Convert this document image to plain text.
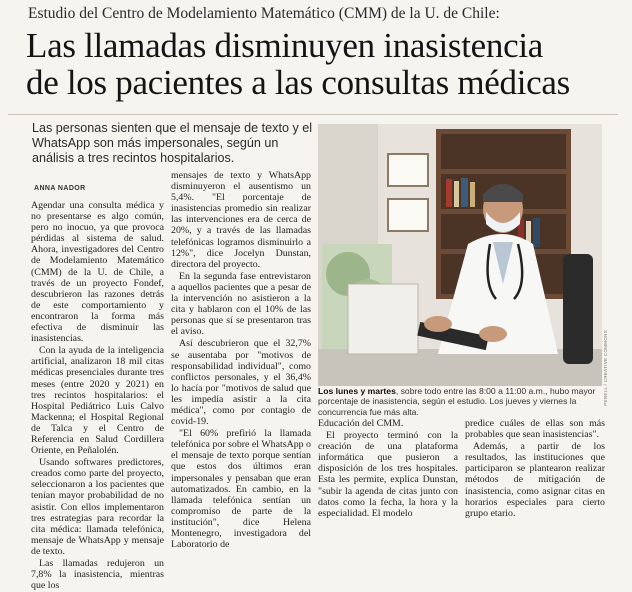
Estudio del Centro de Modelamiento Matemático (CMM) de la U. de Chile:
Las llamadas disminuyen inasistencia
de los pacientes a las consultas médicas
Las personas sienten que el mensaje de texto y el WhatsApp son más impersonales, según un análisis a tres recintos hospitalarios.
ANNA NADOR

Agendar una consulta médica y no presentarse es algo común, pero no inocuo, ya que provoca pérdidas al sistema de salud. Ahora, investigadores del Centro de Modelamiento Matemático (CMM) de la U. de Chile, a través de un proyecto Fondef, descubrieron las razones detrás de este comportamiento y encontraron la forma más efectiva de disminuir las inasistencias.

Con la ayuda de la inteligencia artificial, analizaron 18 mil citas médicas presenciales durante tres meses (entre 2020 y 2021) en tres recintos hospitalarios: el Hospital Pediátrico Luis Calvo Mackenna; el Hospital Regional de Talca y el Centro de Referencia en Salud Cordillera Oriente, en Peñalolén.

Usando softwares predictores, creados como parte del proyecto, seleccionaron a los pacientes que tenían mayor probabilidad de no asistir. Con ellos implementaron tres estrategias para recordar la cita médica: llamada telefónica, mensaje de WhatsApp y mensaje de texto.

Las llamadas redujeron un 7,8% la inasistencia, mientras que los

mensajes de texto y WhatsApp disminuyeron el ausentismo un 5,4%. "El porcentaje de inasistencias promedio sin realizar las intervenciones era de cerca de 20%, y a través de las llamadas telefónicas logramos disminuirlo a 12%", dice Jocelyn Dunstan, directora del proyecto.

En la segunda fase entrevistaron a aquellos pacientes que a pesar de la intervención no asistieron a la cita y hablaron con el 10% de las personas que sí se presentaron tras el aviso.

Así descubrieron que el 32,7% se ausentaba por "motivos de responsabilidad individual", como conflictos personales, y el 36,4% lo hacía por "motivos de salud que les impedía asistir a la cita médica", como por contagio de covid-19.

"El 60% prefirió la llamada telefónica por sobre el WhatsApp o el mensaje de texto porque sentían que estos dos últimos eran impersonales y pensaban que eran automatizados. En cambio, en la llamada telefónica sentían un compromiso de parte de la institución", dice Helena Montenegro, investigadora del Laboratorio de

PERELL / CREATIVE COMMONS
Los lunes y martes, sobre todo entre las 8:00 a 11:00 a.m., hubo mayor porcentaje de inasistencia, según el estudio. Los jueves y viernes la concurrencia fue más alta.

Educación del CMM.

El proyecto terminó con la creación de una plataforma informática que pusieron a disposición de los tres hospitales. Esta les permite, explica Dunstan, "subir la agenda de citas junto con datos como la fecha, la hora y la especialidad. El modelo

predice cuáles de ellas son más probables que sean inasistencias".

Además, a partir de los resultados, las instituciones que participaron se plantearon realizar métodos de mitigación de inasistencia, como asignar citas en horarios especiales para cierto grupo etario.
